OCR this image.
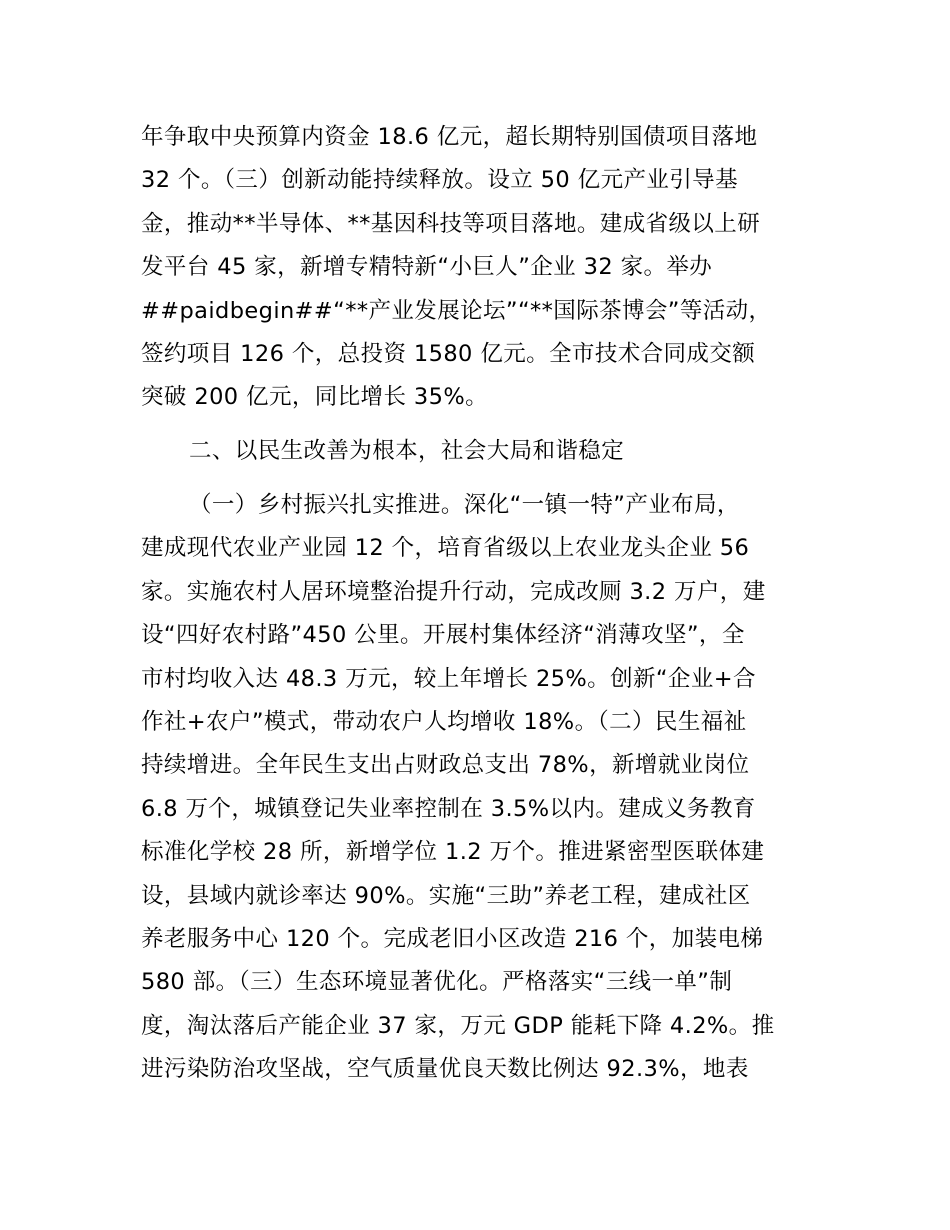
年争取中央预算内资金 18.6 亿元，超长期特别国债项目落地
32 个。（三）创新动能持续释放。设立 50 亿元产业引导基
金，推动**半导体、**基因科技等项目落地。建成省级以上研
发平台 45 家，新增专精特新“小巨人”企业 32 家。举办
##paidbegin##“**产业发展论坛”“**国际茶博会”等活动，
签约项目 126 个，总投资 1580 亿元。全市技术合同成交额
突破 200 亿元，同比增长 35%。
二、以民生改善为根本，社会大局和谐稳定
（一）乡村振兴扎实推进。深化“一镇一特”产业布局，
建成现代农业产业园 12 个，培育省级以上农业龙头企业 56
家。实施农村人居环境整治提升行动，完成改厕 3.2 万户，建
设“四好农村路”450 公里。开展村集体经济“消薄攻坚”，全
市村均收入达 48.3 万元，较上年增长 25%。创新“企业+合
作社+农户”模式，带动农户人均增收 18%。（二）民生福祉
持续增进。全年民生支出占财政总支出 78%，新增就业岗位
6.8 万个，城镇登记失业率控制在 3.5%以内。建成义务教育
标准化学校 28 所，新增学位 1.2 万个。推进紧密型医联体建
设，县域内就诊率达 90%。实施“三助”养老工程，建成社区
养老服务中心 120 个。完成老旧小区改造 216 个，加装电梯
580 部。（三）生态环境显著优化。严格落实“三线一单”制
度，淘汰落后产能企业 37 家，万元 GDP 能耗下降 4.2%。推
进污染防治攻坚战，空气质量优良天数比例达 92.3%，地表
